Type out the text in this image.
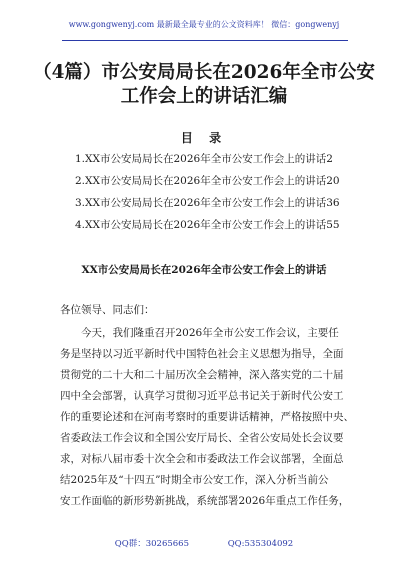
www.gongwenyj.com 最新最全最专业的公文资料库！ 微信：gongwenyj
（4篇）市公安局局长在2026年全市公安
工作会上的讲话汇编
目 录
1.XX市公安局局长在2026年全市公安工作会上的讲话2
2.XX市公安局局长在2026年全市公安工作会上的讲话20
3.XX市公安局局长在2026年全市公安工作会上的讲话36
4.XX市公安局局长在2026年全市公安工作会上的讲话55
XX市公安局局长在2026年全市公安工作会上的讲话
各位领导、同志们：
　　今天，我们隆重召开2026年全市公安工作会议，主要任
务是坚持以习近平新时代中国特色社会主义思想为指导，全面
贯彻党的二十大和二十届历次全会精神，深入落实党的二十届
四中全会部署，认真学习贯彻习近平总书记关于新时代公安工
作的重要论述和在河南考察时的重要讲话精神，严格按照中央、
省委政法工作会议和全国公安厅局长、全省公安局处长会议要
求，对标八届市委十次全会和市委政法工作会议部署，全面总
结2025年及“十四五”时期全市公安工作，深入分析当前公
安工作面临的新形势新挑战，系统部署2026年重点工作任务，
QQ群：30265665	QQ:535304092
